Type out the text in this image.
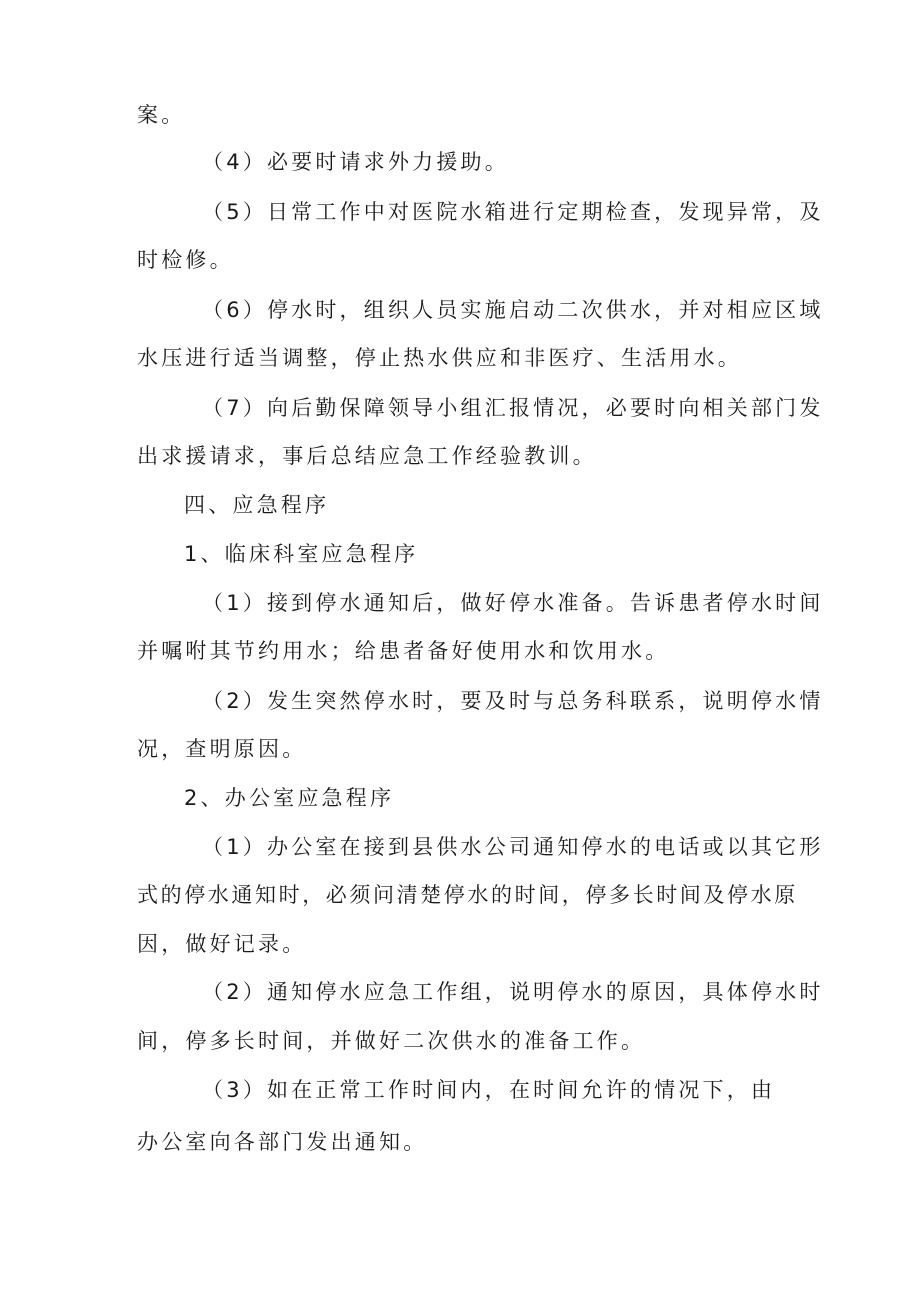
案。
（4）必要时请求外力援助。
（5）日常工作中对医院水箱进行定期检查，发现异常，及
时检修。
（6）停水时，组织人员实施启动二次供水，并对相应区域
水压进行适当调整，停止热水供应和非医疗、生活用水。
（7）向后勤保障领导小组汇报情况，必要时向相关部门发
出求援请求，事后总结应急工作经验教训。
四、应急程序
1、临床科室应急程序
（1）接到停水通知后，做好停水准备。告诉患者停水时间
并嘱咐其节约用水；给患者备好使用水和饮用水。
（2）发生突然停水时，要及时与总务科联系，说明停水情
况，查明原因。
2、办公室应急程序
（1）办公室在接到县供水公司通知停水的电话或以其它形
式的停水通知时，必须问清楚停水的时间，停多长时间及停水原
因，做好记录。
（2）通知停水应急工作组，说明停水的原因，具体停水时
间，停多长时间，并做好二次供水的准备工作。
（3）如在正常工作时间内，在时间允许的情况下，由
办公室向各部门发出通知。
